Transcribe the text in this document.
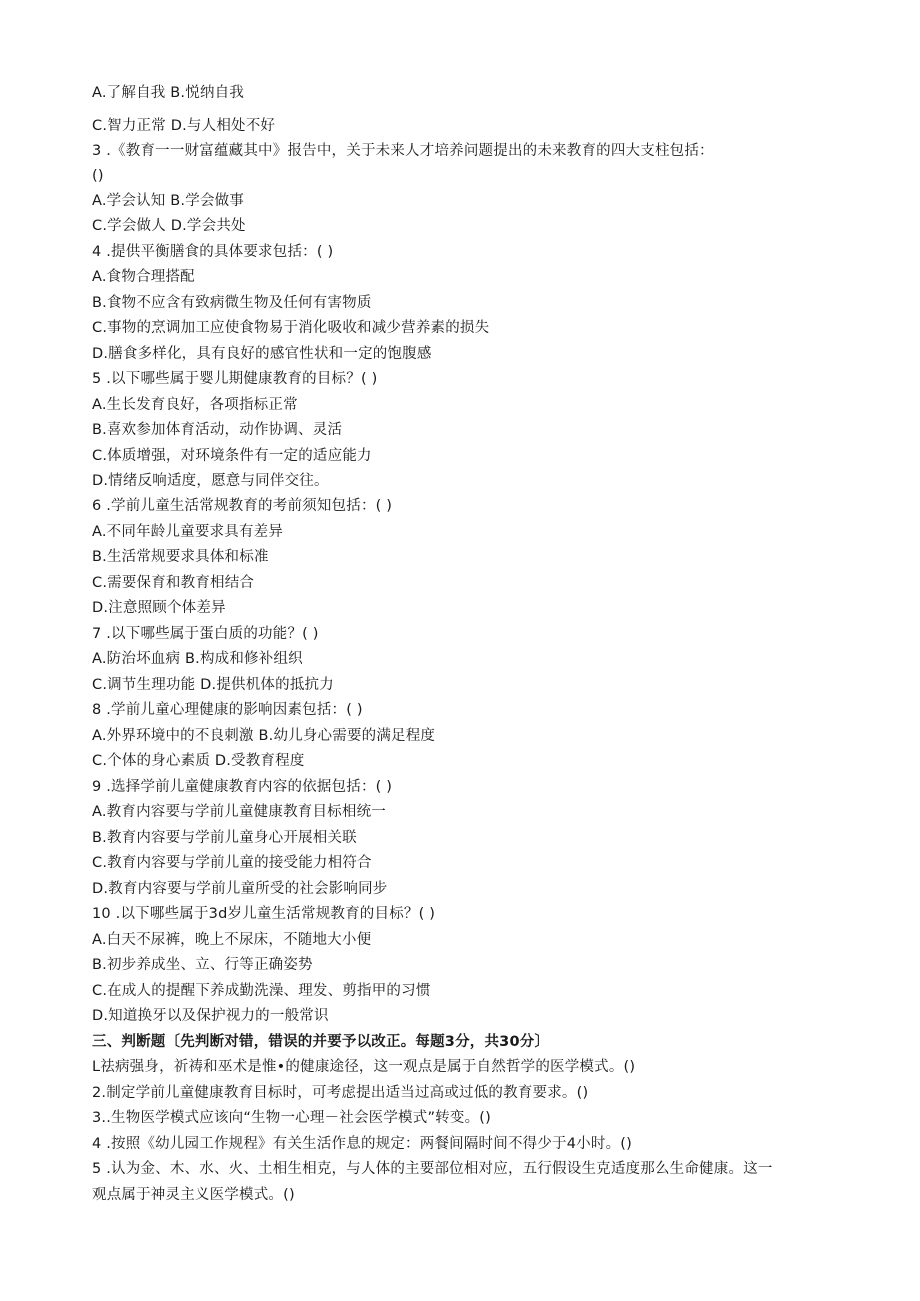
A.了解自我 B.悦纳自我
C.智力正常 D.与人相处不好
3 .《教育一一财富蕴藏其中》报告中，关于未来人才培养问题提出的未来教育的四大支柱包括：
()
A.学会认知 B.学会做事
C.学会做人 D.学会共处
4 .提供平衡膳食的具体要求包括：( )
A.食物合理搭配
B.食物不应含有致病微生物及任何有害物质
C.事物的烹调加工应使食物易于消化吸收和减少营养素的损失
D.膳食多样化，具有良好的感官性状和一定的饱腹感
5 .以下哪些属于婴儿期健康教育的目标？( )
A.生长发育良好，各项指标正常
B.喜欢参加体育活动，动作协调、灵活
C.体质增强，对环境条件有一定的适应能力
D.情绪反响适度，愿意与同伴交往。
6 .学前儿童生活常规教育的考前须知包括：( )
A.不同年龄儿童要求具有差异
B.生活常规要求具体和标准
C.需要保育和教育相结合
D.注意照顾个体差异
7 .以下哪些属于蛋白质的功能？( )
A.防治坏血病 B.构成和修补组织
C.调节生理功能 D.提供机体的抵抗力
8 .学前儿童心理健康的影响因素包括：( )
A.外界环境中的不良刺激 B.幼儿身心需要的满足程度
C.个体的身心素质 D.受教育程度
9 .选择学前儿童健康教育内容的依据包括：( )
A.教育内容要与学前儿童健康教育目标相统一
B.教育内容要与学前儿童身心开展相关联
C.教育内容要与学前儿童的接受能力相符合
D.教育内容要与学前儿童所受的社会影响同步
10 .以下哪些属于3d岁儿童生活常规教育的目标？( )
A.白天不尿裤，晚上不尿床，不随地大小便
B.初步养成坐、立、行等正确姿势
C.在成人的提醒下养成勤洗澡、理发、剪指甲的习惯
D.知道换牙以及保护视力的一般常识
三、判断题〔先判断对错，错误的并要予以改正。每题3分，共30分〕
L祛病强身，祈祷和巫术是惟•的健康途径，这一观点是属于自然哲学的医学模式。()
2.制定学前儿童健康教育目标时，可考虑提出适当过高或过低的教育要求。()
3..生物医学模式应该向“生物一心理－社会医学模式”转变。()
4 .按照《幼儿园工作规程》有关生活作息的规定：两餐间隔时间不得少于4小时。()
5 .认为金、木、水、火、土相生相克，与人体的主要部位相对应，五行假设生克适度那么生命健康。这一
观点属于神灵主义医学模式。()
